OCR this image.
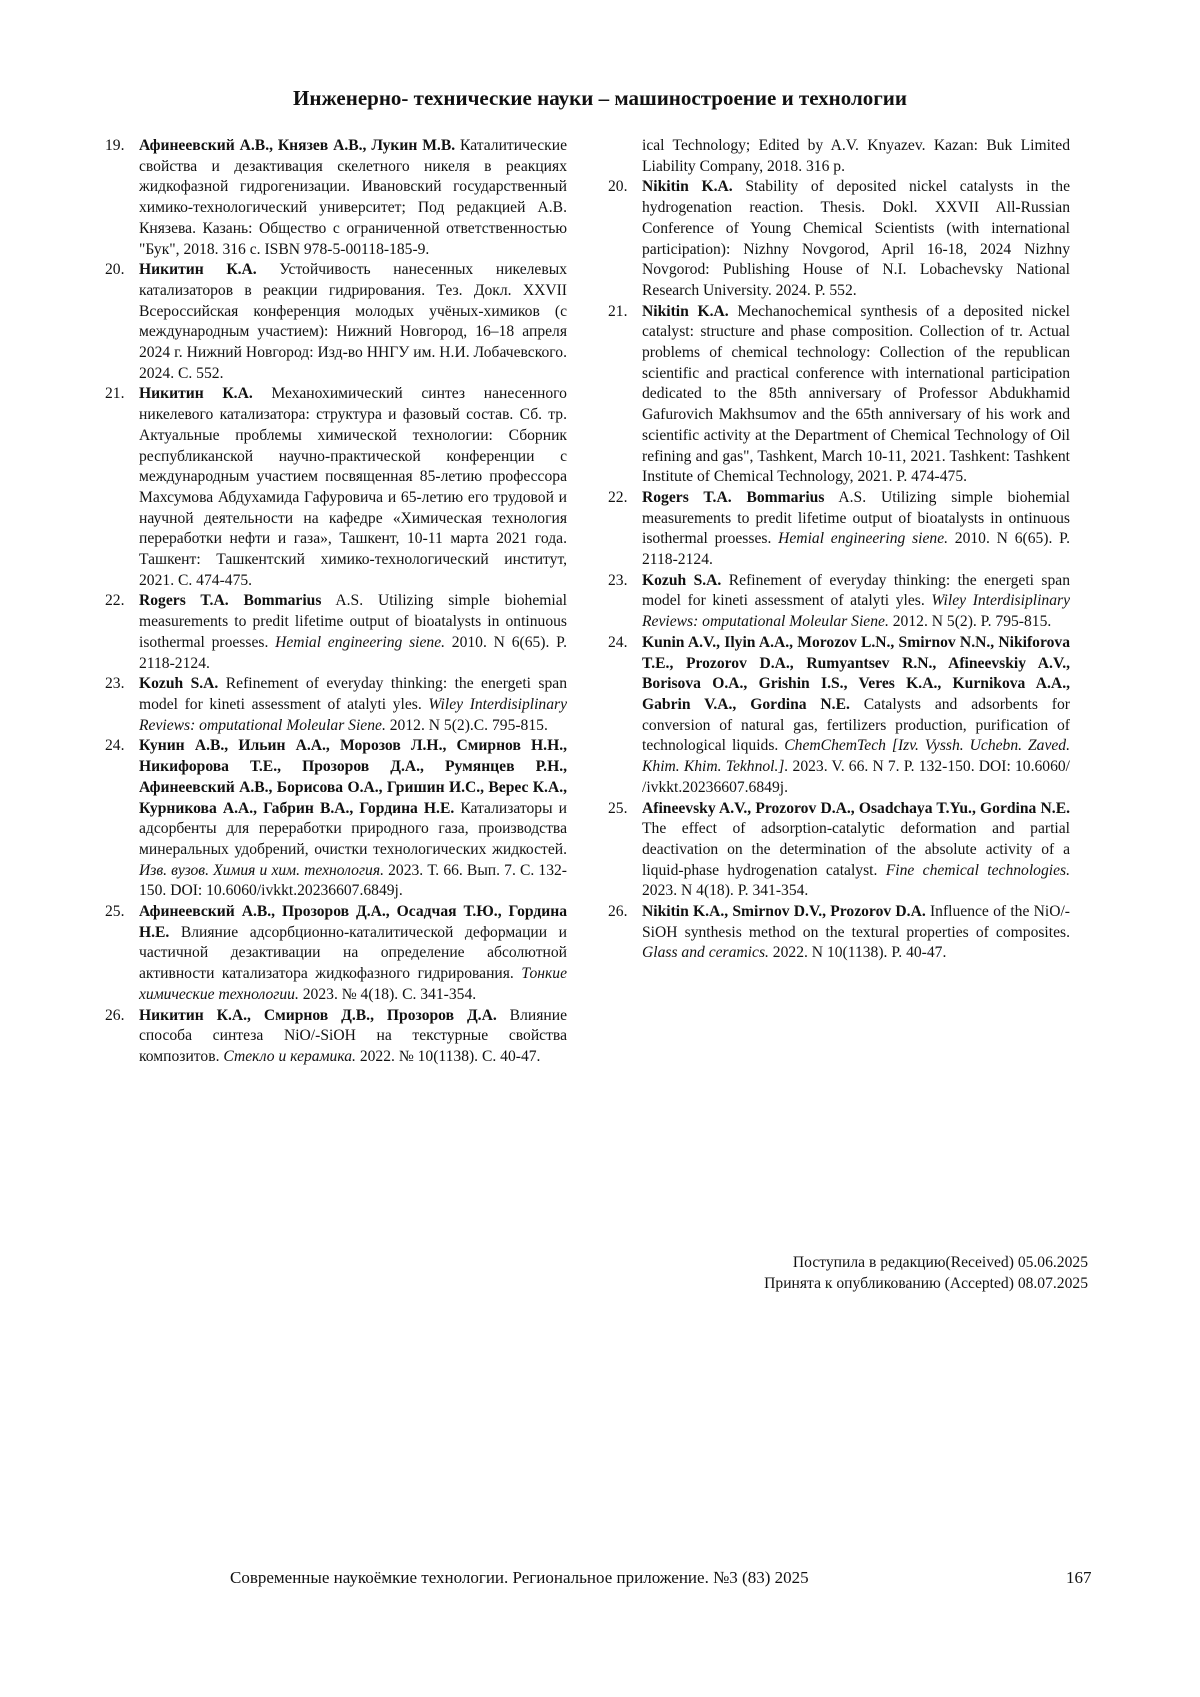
Инженерно- технические науки – машиностроение и технологии
19. Афинеевский А.В., Князев А.В., Лукин М.В. Каталитические свойства и дезактивация скелетного никеля в реакциях жидкофазной гидрогенизации. Ивановский государственный химико-технологический университет; Под редакцией А.В. Князева. Казань: Общество с ограниченной ответственностью "Бук", 2018. 316 с. ISBN 978-5-00118-185-9.
20. Никитин К.А. Устойчивость нанесенных никелевых катализаторов в реакции гидрирования. Тез. Докл. XXVII Всероссийская конференция молодых учёных-химиков (с международным участием): Нижний Новгород, 16–18 апреля 2024 г. Нижний Новгород: Изд-во ННГУ им. Н.И. Лобачевского. 2024. С. 552.
21. Никитин К.А. Механохимический синтез нанесенного никелевого катализатора: структура и фазовый состав. Сб. тр. Актуальные проблемы химической технологии: Сборник республиканской научно-практической конференции с международным участием посвященная 85-летию профессора Махсумова Абдухамида Гафуровича и 65-летию его трудовой и научной деятельности на кафедре «Химическая технология переработки нефти и газа», Ташкент, 10-11 марта 2021 года. Ташкент: Ташкентский химико-технологический институт, 2021. С. 474-475.
22. Rogers T.A. Bommarius A.S. Utilizing simple biohemial measurements to predit lifetime output of bioatalysts in ontinuous isothermal proesses. Hemial engineering siene. 2010. N 6(65). P. 2118-2124.
23. Kozuh S.A. Refinement of everyday thinking: the energeti span model for kineti assessment of atalyti yles. Wiley Interdisiplinary Reviews: omputational Moleular Siene. 2012. N 5(2).С. 795-815.
24. Кунин А.В., Ильин А.А., Морозов Л.Н., Смирнов Н.Н., Никифорова Т.Е., Прозоров Д.А., Румянцев Р.Н., Афинеевский А.В., Борисова О.А., Гришин И.С., Верес К.А., Курникова А.А., Габрин В.А., Гордина Н.Е. Катализаторы и адсорбенты для переработки природного газа, производства минеральных удобрений, очистки технологических жидкостей. Изв. вузов. Химия и хим. технология. 2023. Т. 66. Вып. 7. С. 132-150. DOI: 10.6060/ivkkt.20236607.6849j.
25. Афинеевский А.В., Прозоров Д.А., Осадчая Т.Ю., Гордина Н.Е. Влияние адсорбционно-каталитической деформации и частичной дезактивации на определение абсолютной активности катализатора жидкофазного гидрирования. Тонкие химические технологии. 2023. № 4(18). С. 341-354.
26. Никитин К.А., Смирнов Д.В., Прозоров Д.А. Влияние способа синтеза NiO/-SiOH на текстурные свойства композитов. Стекло и керамика. 2022. № 10(1138). С. 40-47.
ical Technology; Edited by A.V. Knyazev. Kazan: Buk Limited Liability Company, 2018. 316 p.
20. Nikitin K.A. Stability of deposited nickel catalysts in the hydrogenation reaction. Thesis. Dokl. XXVII All-Russian Conference of Young Chemical Scientists (with international participation): Nizhny Novgorod, April 16-18, 2024 Nizhny Novgorod: Publishing House of N.I. Lobachevsky National Research University. 2024. P. 552.
21. Nikitin K.A. Mechanochemical synthesis of a deposited nickel catalyst: structure and phase composition. Collection of tr. Actual problems of chemical technology: Collection of the republican scientific and practical conference with international participation dedicated to the 85th anniversary of Professor Abdukhamid Gafurovich Makhsumov and the 65th anniversary of his work and scientific activity at the Department of Chemical Technology of Oil refining and gas", Tashkent, March 10-11, 2021. Tashkent: Tashkent Institute of Chemical Technology, 2021. P. 474-475.
22. Rogers T.A. Bommarius A.S. Utilizing simple biohemial measurements to predit lifetime output of bioatalysts in ontinuous isothermal proesses. Hemial engineering siene. 2010. N 6(65). P. 2118-2124.
23. Kozuh S.A. Refinement of everyday thinking: the energeti span model for kineti assessment of atalyti yles. Wiley Interdisiplinary Reviews: omputational Moleular Siene. 2012. N 5(2). P. 795-815.
24. Kunin A.V., Ilyin A.A., Morozov L.N., Smirnov N.N., Nikiforova T.E., Prozorov D.A., Rumyantsev R.N., Afineevskiy A.V., Borisova O.A., Grishin I.S., Veres K.A., Kurnikova A.A., Gabrin V.A., Gordina N.E. Catalysts and adsorbents for conversion of natural gas, fertilizers production, purification of technological liquids. ChemChemTech [Izv. Vyssh. Uchebn. Zaved. Khim. Khim. Tekhnol.]. 2023. V. 66. N 7. P. 132-150. DOI: 10.6060/ /ivkkt.20236607.6849j.
25. Afineevsky A.V., Prozorov D.A., Osadchaya T.Yu., Gordina N.E. The effect of adsorption-catalytic deformation and partial deactivation on the determination of the absolute activity of a liquid-phase hydrogenation catalyst. Fine chemical technologies. 2023. N 4(18). P. 341-354.
26. Nikitin K.A., Smirnov D.V., Prozorov D.A. Influence of the NiO/-SiOH synthesis method on the textural properties of composites. Glass and ceramics. 2022. N 10(1138). P. 40-47.
Поступила в редакцию(Received) 05.06.2025
Принята к опубликованию (Accepted) 08.07.2025
Современные наукоёмкие технологии. Региональное приложение. №3 (83) 2025	167
